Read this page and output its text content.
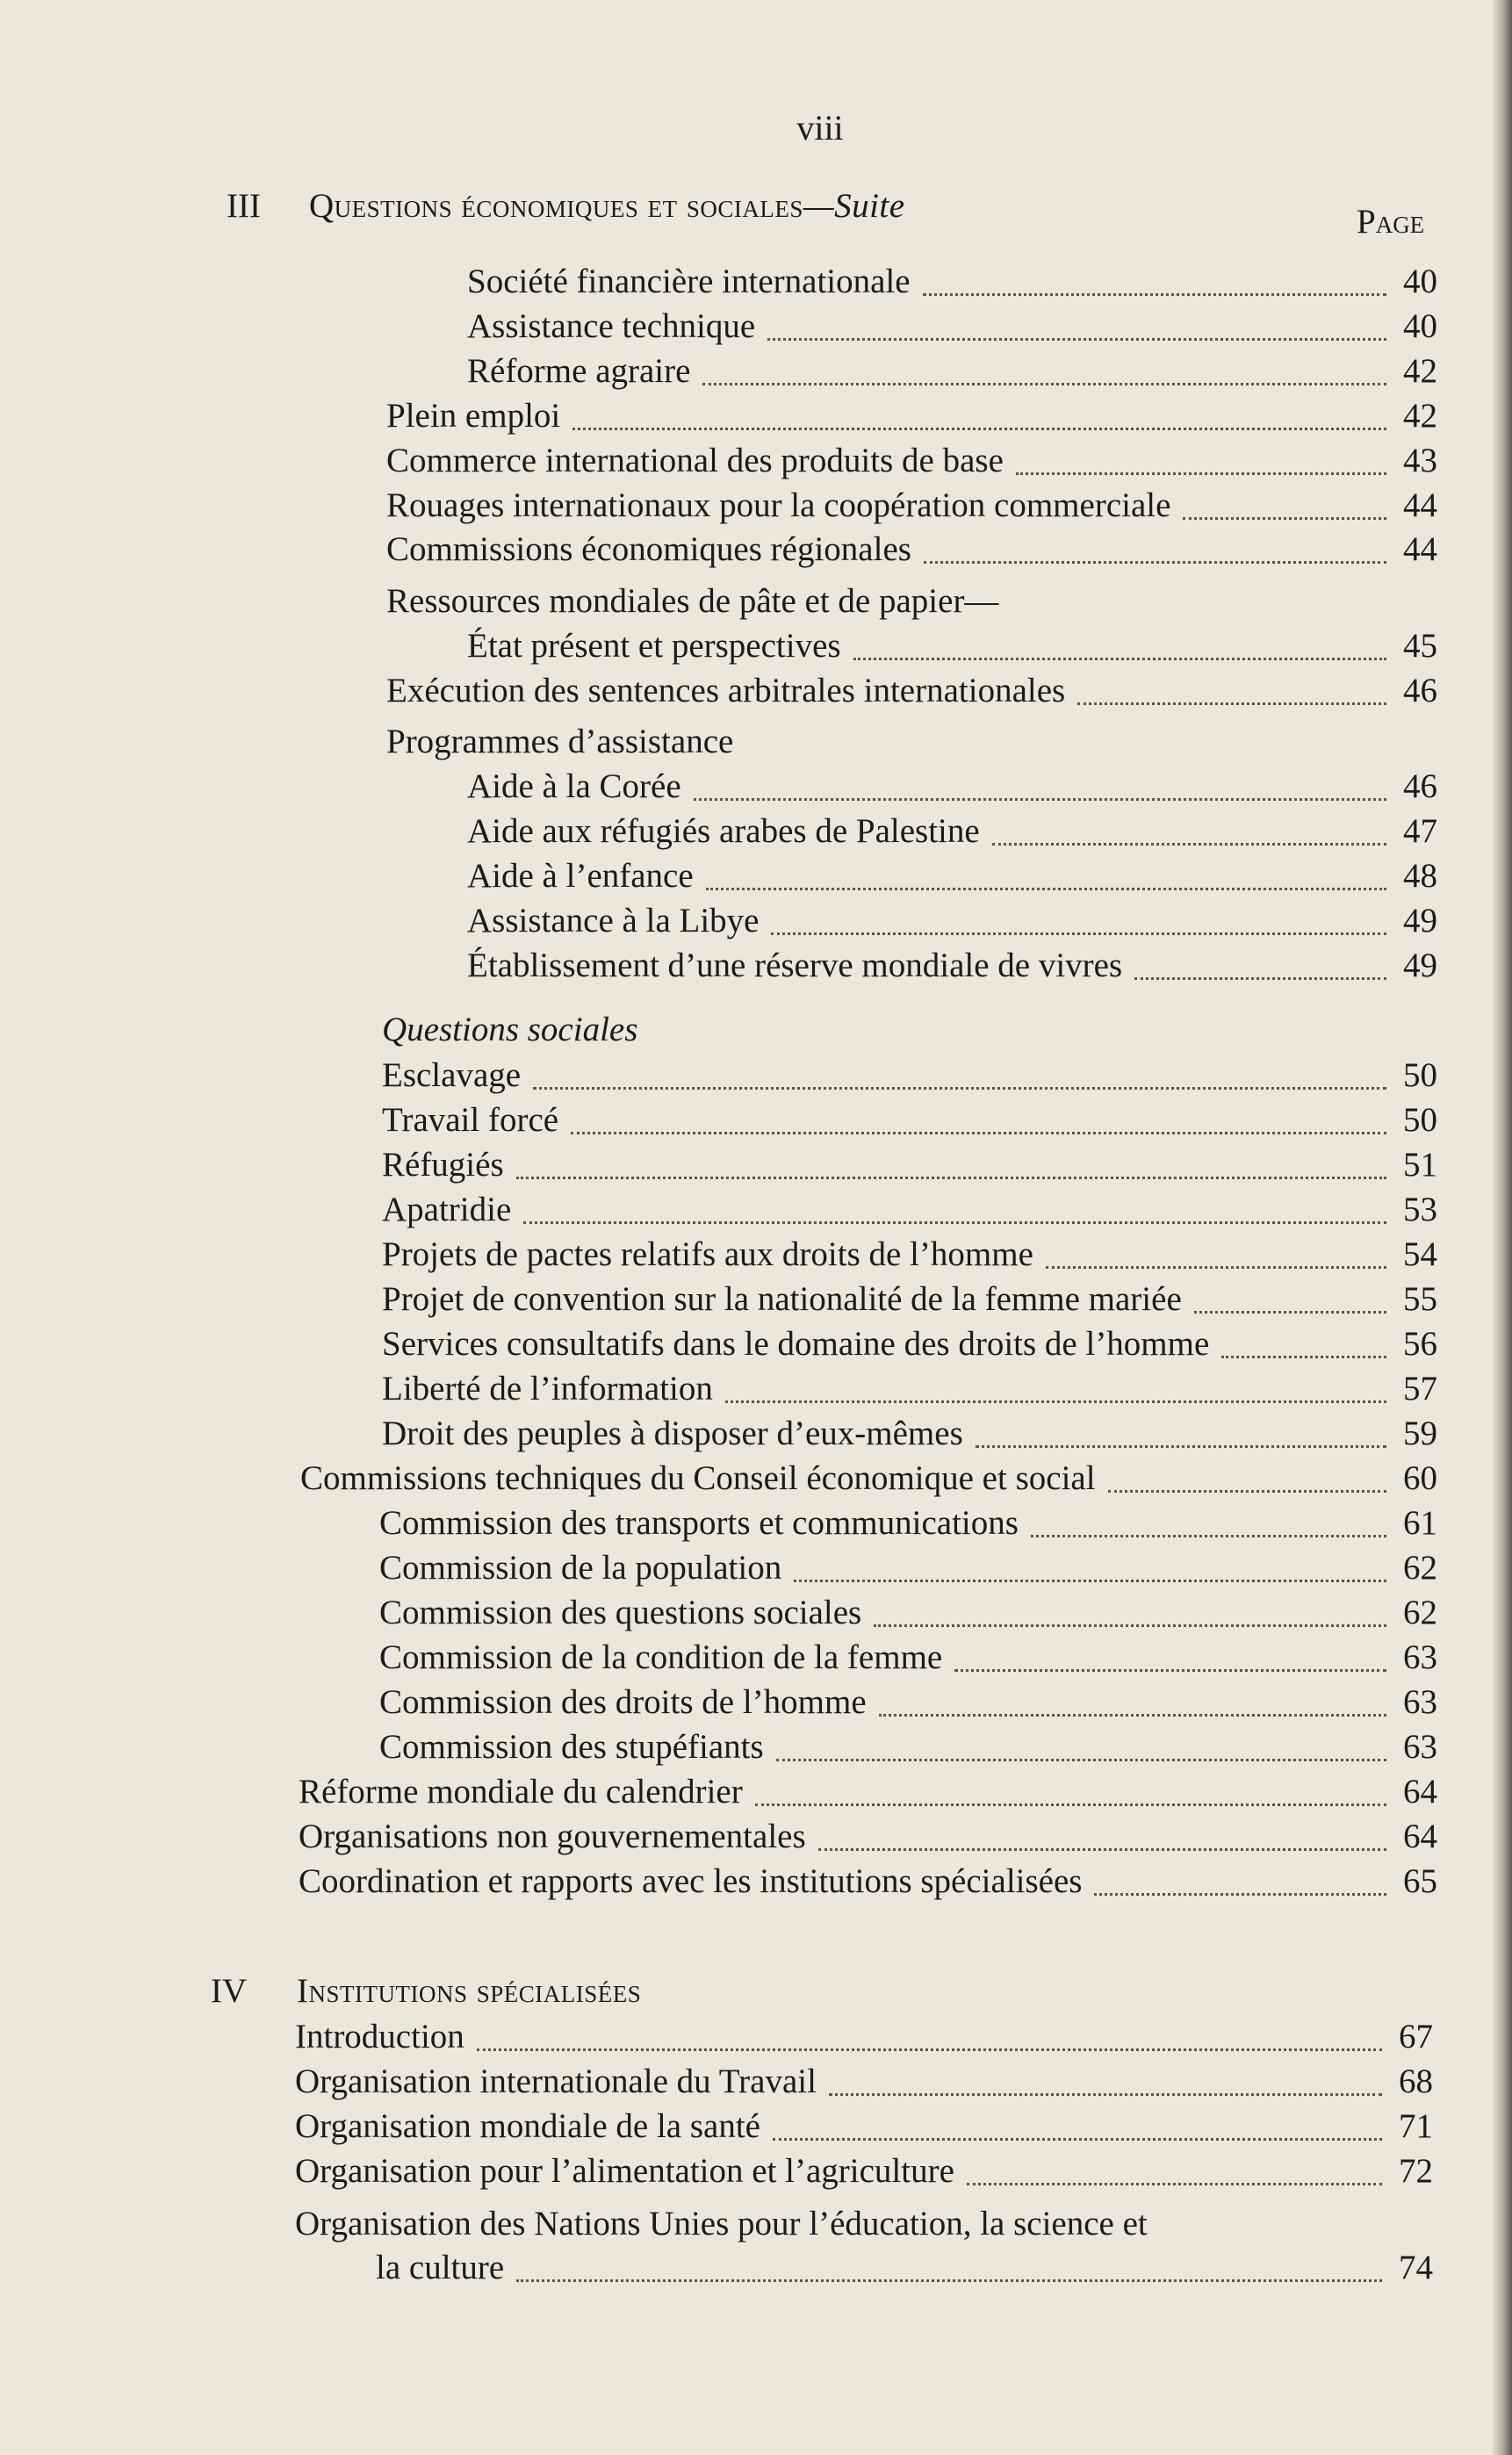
viii
III Questions économiques et sociales—Suite	Page
Société financière internationale	40
Assistance technique	40
Réforme agraire	42
Plein emploi	42
Commerce international des produits de base	43
Rouages internationaux pour la coopération commerciale	44
Commissions économiques régionales	44
Ressources mondiales de pâte et de papier—
État présent et perspectives	45
Exécution des sentences arbitrales internationales	46
Programmes d’assistance
Aide à la Corée	46
Aide aux réfugiés arabes de Palestine	47
Aide à l’enfance	48
Assistance à la Libye	49
Établissement d’une réserve mondiale de vivres	49
Questions sociales
Esclavage	50
Travail forcé	50
Réfugiés	51
Apatridie	53
Projets de pactes relatifs aux droits de l’homme	54
Projet de convention sur la nationalité de la femme mariée	55
Services consultatifs dans le domaine des droits de l’homme	56
Liberté de l’information	57
Droit des peuples à disposer d’eux-mêmes	59
Commissions techniques du Conseil économique et social	60
Commission des transports et communications	61
Commission de la population	62
Commission des questions sociales	62
Commission de la condition de la femme	63
Commission des droits de l’homme	63
Commission des stupéfiants	63
Réforme mondiale du calendrier	64
Organisations non gouvernementales	64
Coordination et rapports avec les institutions spécialisées	65
IV Institutions spécialisées
Introduction	67
Organisation internationale du Travail	68
Organisation mondiale de la santé	71
Organisation pour l’alimentation et l’agriculture	72
Organisation des Nations Unies pour l’éducation, la science et
la culture	74
